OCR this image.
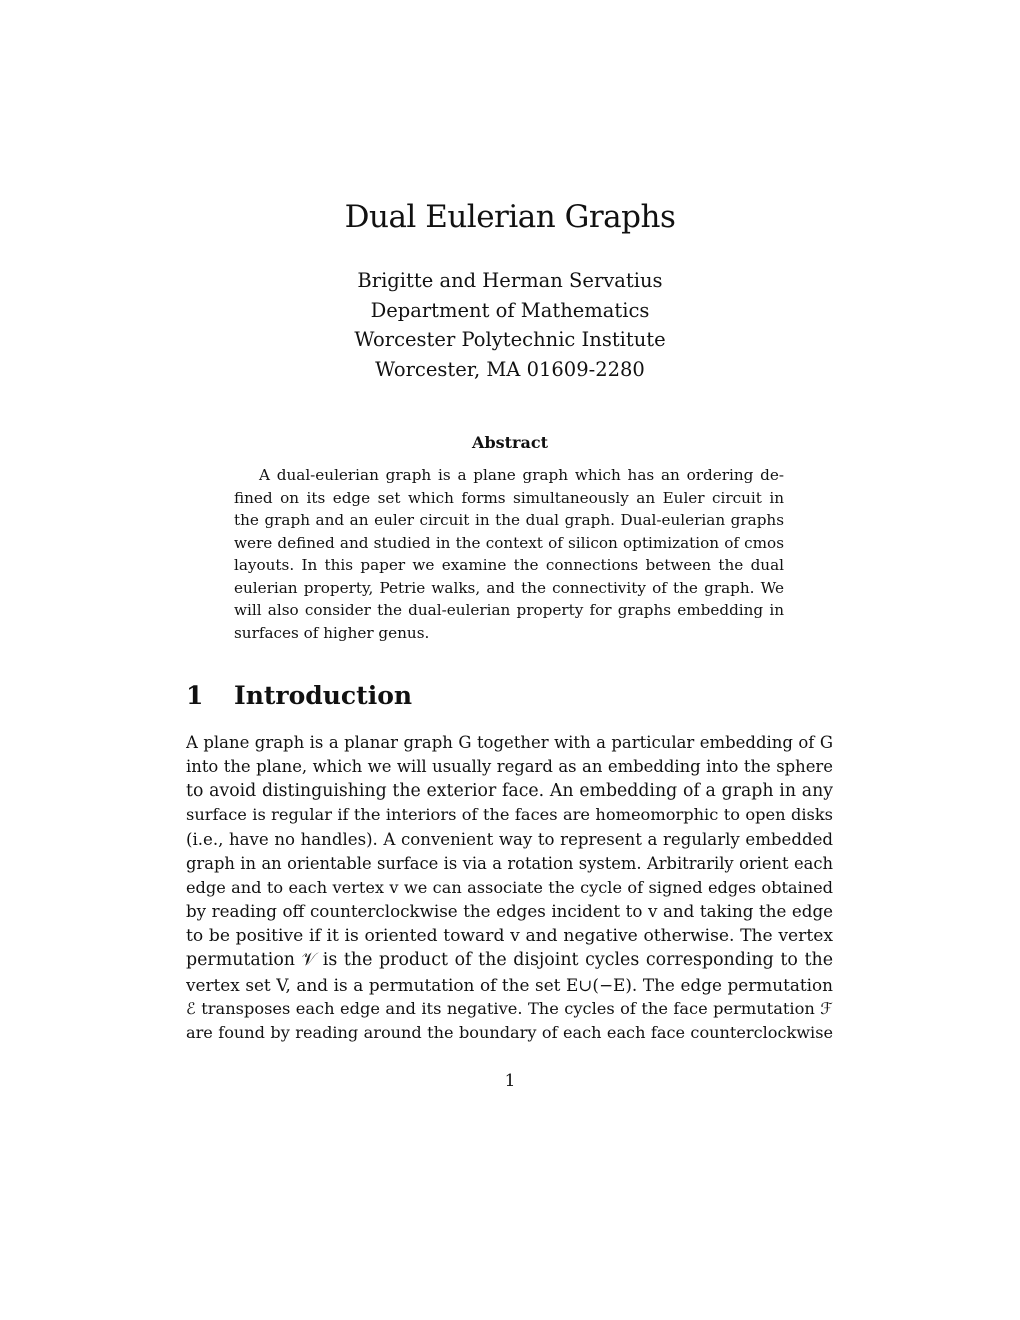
Dual Eulerian Graphs
Brigitte and Herman Servatius
Department of Mathematics
Worcester Polytechnic Institute
Worcester, MA 01609-2280
Abstract
A dual-eulerian graph is a plane graph which has an ordering de-
fined on its edge set which forms simultaneously an Euler circuit in
the graph and an euler circuit in the dual graph. Dual-eulerian graphs
were defined and studied in the context of silicon optimization of cmos
layouts. In this paper we examine the connections between the dual
eulerian property, Petrie walks, and the connectivity of the graph. We
will also consider the dual-eulerian property for graphs embedding in
surfaces of higher genus.
1 Introduction
A plane graph is a planar graph G together with a particular embedding of G
into the plane, which we will usually regard as an embedding into the sphere
to avoid distinguishing the exterior face. An embedding of a graph in any
surface is regular if the interiors of the faces are homeomorphic to open disks
(i.e., have no handles). A convenient way to represent a regularly embedded
graph in an orientable surface is via a rotation system. Arbitrarily orient each
edge and to each vertex v we can associate the cycle of signed edges obtained
by reading off counterclockwise the edges incident to v and taking the edge
to be positive if it is oriented toward v and negative otherwise. The vertex
permutation 𝒱 is the product of the disjoint cycles corresponding to the
vertex set V, and is a permutation of the set E∪(−E). The edge permutation
ℰ transposes each edge and its negative. The cycles of the face permutation ℱ
are found by reading around the boundary of each each face counterclockwise
1
